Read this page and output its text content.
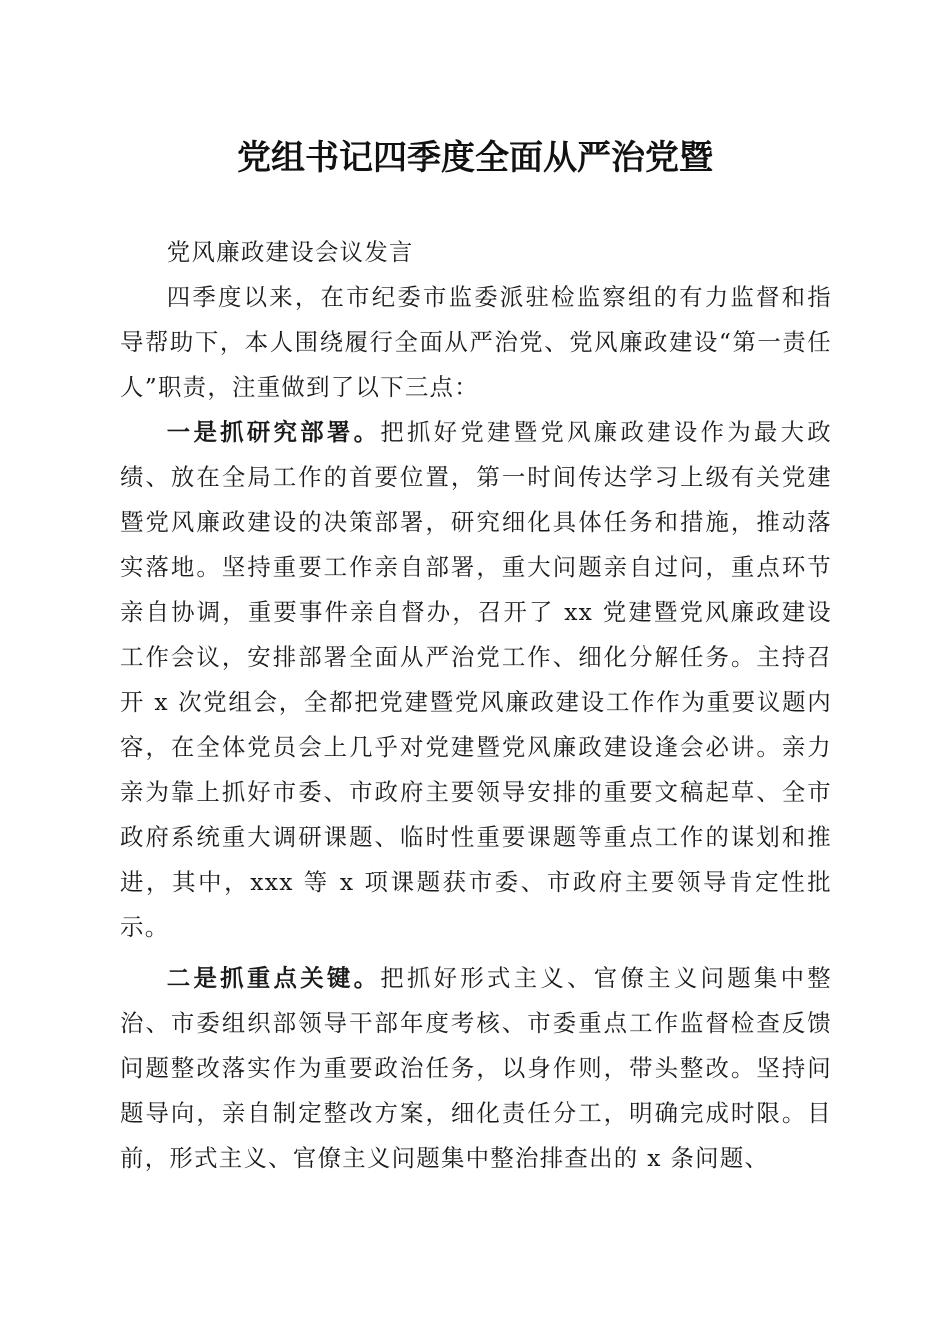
党组书记四季度全面从严治党暨

党风廉政建设会议发言

四季度以来，在市纪委市监委派驻检监察组的有力监督和指导帮助下，本人围绕履行全面从严治党、党风廉政建设“第一责任人”职责，注重做到了以下三点：

一是抓研究部署。把抓好党建暨党风廉政建设作为最大政绩、放在全局工作的首要位置，第一时间传达学习上级有关党建暨党风廉政建设的决策部署，研究细化具体任务和措施，推动落实落地。坚持重要工作亲自部署，重大问题亲自过问，重点环节亲自协调，重要事件亲自督办，召开了 xx 党建暨党风廉政建设工作会议，安排部署全面从严治党工作、细化分解任务。主持召开 x 次党组会，全都把党建暨党风廉政建设工作作为重要议题内容，在全体党员会上几乎对党建暨党风廉政建设逢会必讲。亲力亲为靠上抓好市委、市政府主要领导安排的重要文稿起草、全市政府系统重大调研课题、临时性重要课题等重点工作的谋划和推进，其中，xxx 等 x 项课题获市委、市政府主要领导肯定性批示。

二是抓重点关键。把抓好形式主义、官僚主义问题集中整治、市委组织部领导干部年度考核、市委重点工作监督检查反馈问题整改落实作为重要政治任务，以身作则，带头整改。坚持问题导向，亲自制定整改方案，细化责任分工，明确完成时限。目前，形式主义、官僚主义问题集中整治排查出的 x 条问题、
